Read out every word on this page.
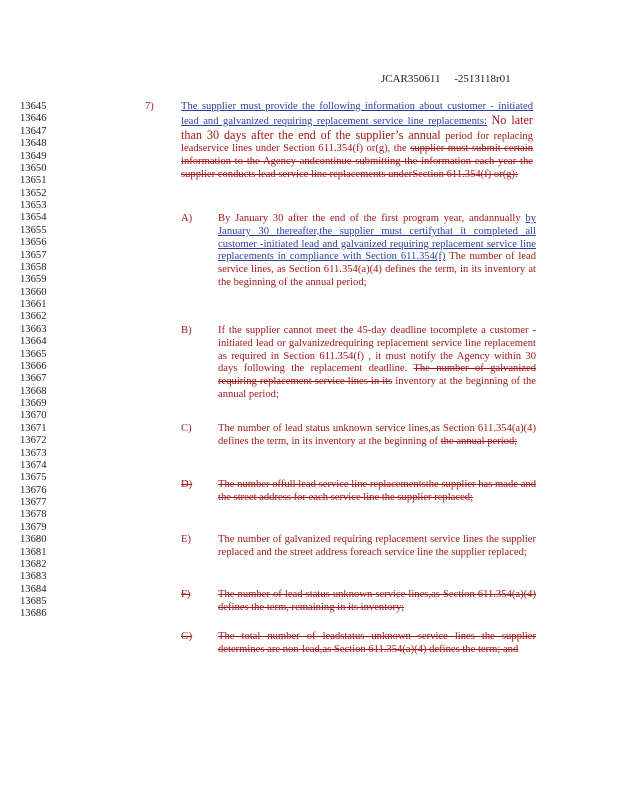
JCAR350611 -2513118r01
13645
13646
13647
13648
13649
13650
13651
13652
13653
13654
13655
13656
13657
13658
13659
13660
13661
13662
13663
13664
13665
13666
13667
13668
13669
13670
13671
13672
13673
13674
13675
13676
13677
13678
13679
13680
13681
13682
13683
13684
13685
13686
7)	The supplier must provide the following information about customer - initiated lead and galvanized requiring replacement service line replacements: No later than 30 days after the end of the supplier’s annual period for replacing leadservice lines under Section 611.354(f) or(g), the supplier must submit certain information to the Agency andcontinue submitting the information each year the supplier conducts lead service line replacements underSection 611.354(f) or(g):
A) By January 30 after the end of the first program year, andannually by January 30 thereafter,the supplier must certifythat it completed all customer -initiated lead and galvanized requiring replacement service line replacements in compliance with Section 611.354(f) The number of lead service lines, as Section 611.354(a)(4) defines the term, in its inventory at the beginning of the annual period;
B) If the supplier cannot meet the 45-day deadline tocomplete a customer -initiated lead or galvanizedrequiring replacement service line replacement as required in Section 611.354(f) , it must notify the Agency within 30 days following the replacement deadline. The number of galvanized requiring replacement service lines in its inventory at the beginning of the annual period;
C) The number of lead status unknown service lines,as Section 611.354(a)(4) defines the term, in its inventory at the beginning of the annual period;
D) The number offull lead service line replacementsthe supplier has made and the street address for each service line the supplier replaced;
E)	The number of galvanized requiring replacement service lines the supplier replaced and the street address foreach service line the supplier replaced;
F)	The number of lead status unknown service lines,as Section 611.354(a)(4) defines the term, remaining in its inventory;
G) The total number of leadstatus unknown service lines the supplier determines are non-lead,as Section 611.354(a)(4) defines the term; and
